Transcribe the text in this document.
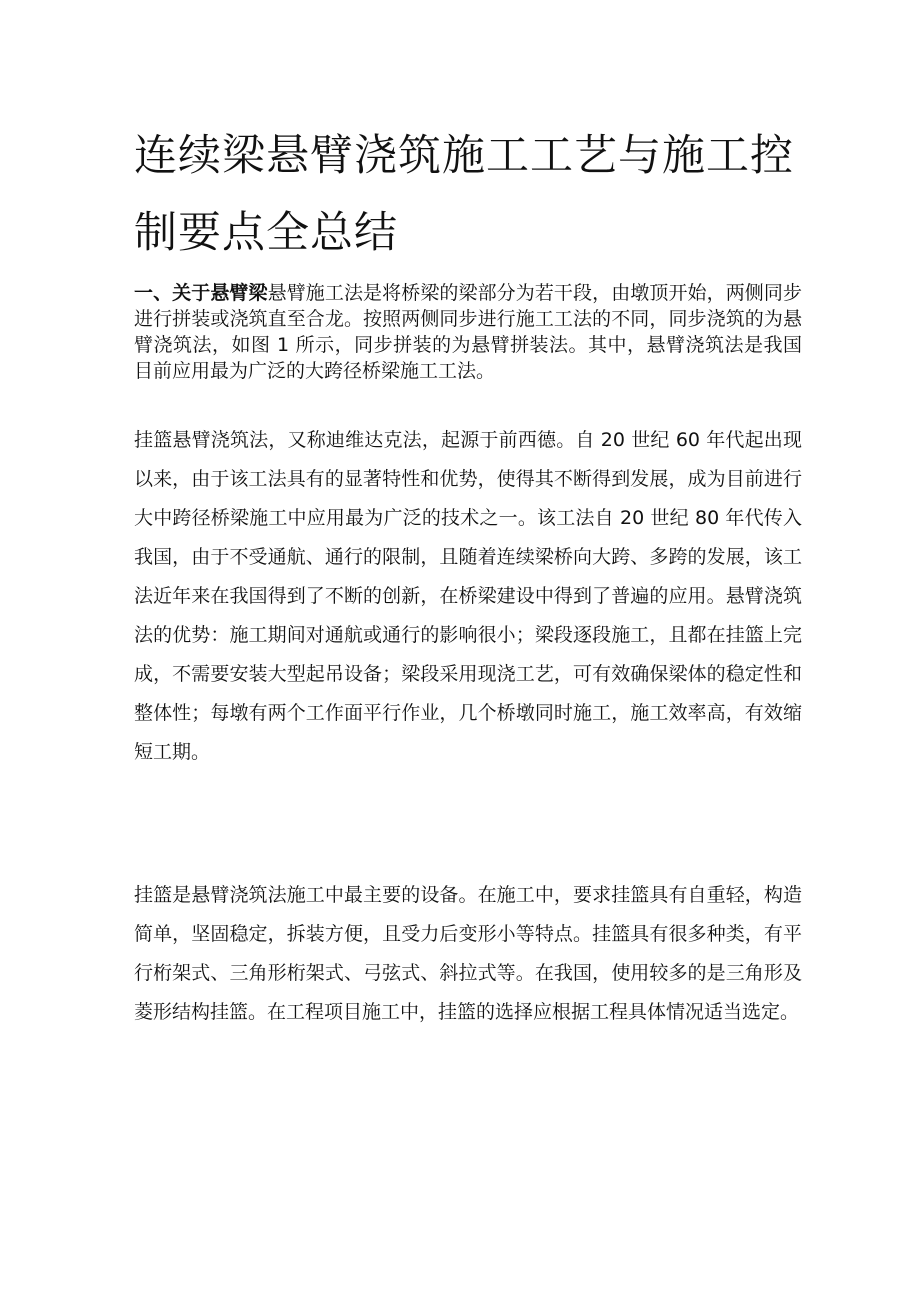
连续梁悬臂浇筑施工工艺与施工控
制要点全总结

一、关于悬臂梁悬臂施工法是将桥梁的梁部分为若干段，由墩顶开始，两侧同步进行拼装或浇筑直至合龙。按照两侧同步进行施工工法的不同，同步浇筑的为悬臂浇筑法，如图 1 所示，同步拼装的为悬臂拼装法。其中，悬臂浇筑法是我国目前应用最为广泛的大跨径桥梁施工工法。

挂篮悬臂浇筑法，又称迪维达克法，起源于前西德。自 20 世纪 60 年代起出现以来，由于该工法具有的显著特性和优势，使得其不断得到发展，成为目前进行大中跨径桥梁施工中应用最为广泛的技术之一。该工法自 20 世纪 80 年代传入我国，由于不受通航、通行的限制，且随着连续梁桥向大跨、多跨的发展，该工法近年来在我国得到了不断的创新，在桥梁建设中得到了普遍的应用。悬臂浇筑法的优势：施工期间对通航或通行的影响很小；梁段逐段施工，且都在挂篮上完成，不需要安装大型起吊设备；梁段采用现浇工艺，可有效确保梁体的稳定性和整体性；每墩有两个工作面平行作业，几个桥墩同时施工，施工效率高，有效缩短工期。

挂篮是悬臂浇筑法施工中最主要的设备。在施工中，要求挂篮具有自重轻，构造简单，坚固稳定，拆装方便，且受力后变形小等特点。挂篮具有很多种类，有平行桁架式、三角形桁架式、弓弦式、斜拉式等。在我国，使用较多的是三角形及菱形结构挂篮。在工程项目施工中，挂篮的选择应根据工程具体情况适当选定。
